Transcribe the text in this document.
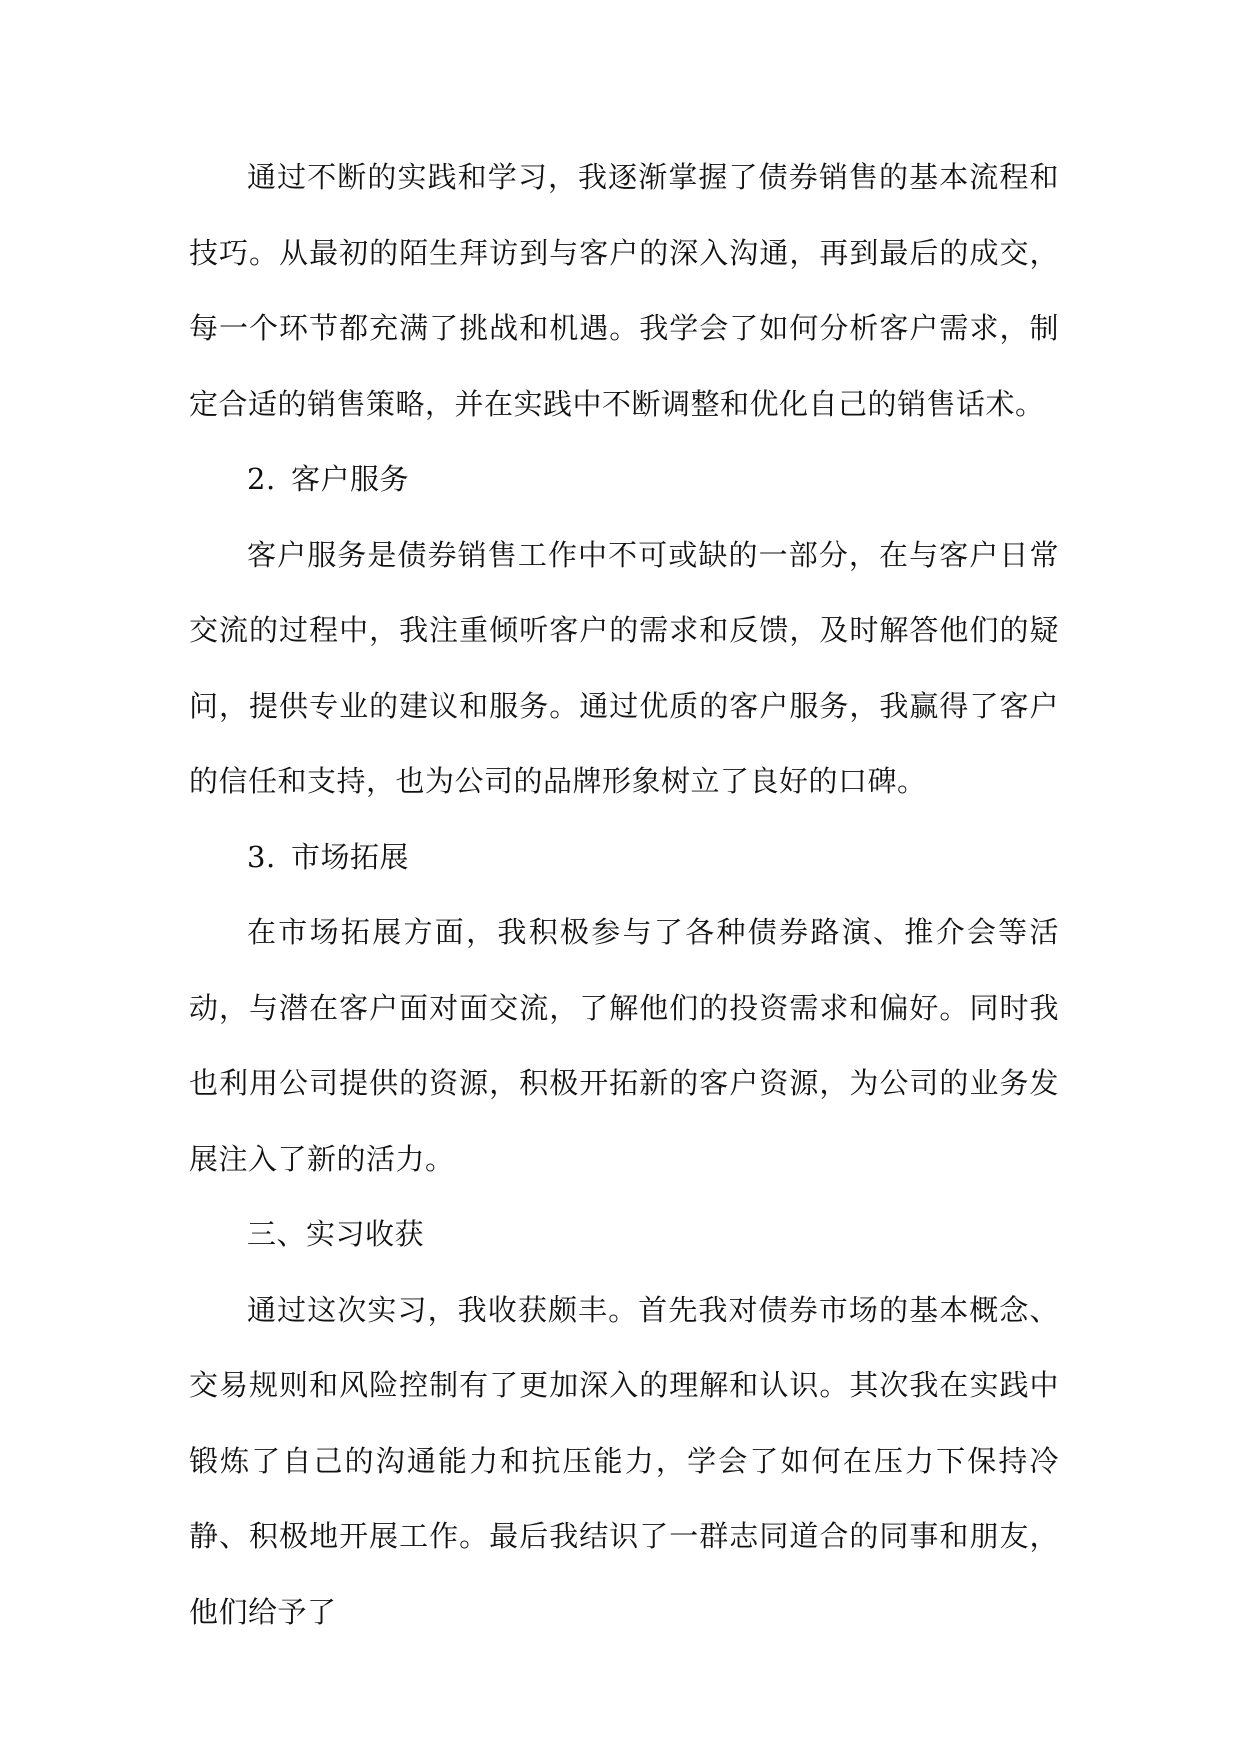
通过不断的实践和学习，我逐渐掌握了债券销售的基本流程和技巧。从最初的陌生拜访到与客户的深入沟通，再到最后的成交，每一个环节都充满了挑战和机遇。我学会了如何分析客户需求，制定合适的销售策略，并在实践中不断调整和优化自己的销售话术。

2. 客户服务

客户服务是债券销售工作中不可或缺的一部分，在与客户日常交流的过程中，我注重倾听客户的需求和反馈，及时解答他们的疑问，提供专业的建议和服务。通过优质的客户服务，我赢得了客户的信任和支持，也为公司的品牌形象树立了良好的口碑。

3. 市场拓展

在市场拓展方面，我积极参与了各种债券路演、推介会等活动，与潜在客户面对面交流，了解他们的投资需求和偏好。同时我也利用公司提供的资源，积极开拓新的客户资源，为公司的业务发展注入了新的活力。

三、实习收获

通过这次实习，我收获颇丰。首先我对债券市场的基本概念、交易规则和风险控制有了更加深入的理解和认识。其次我在实践中锻炼了自己的沟通能力和抗压能力，学会了如何在压力下保持冷静、积极地开展工作。最后我结识了一群志同道合的同事和朋友，他们给予了
